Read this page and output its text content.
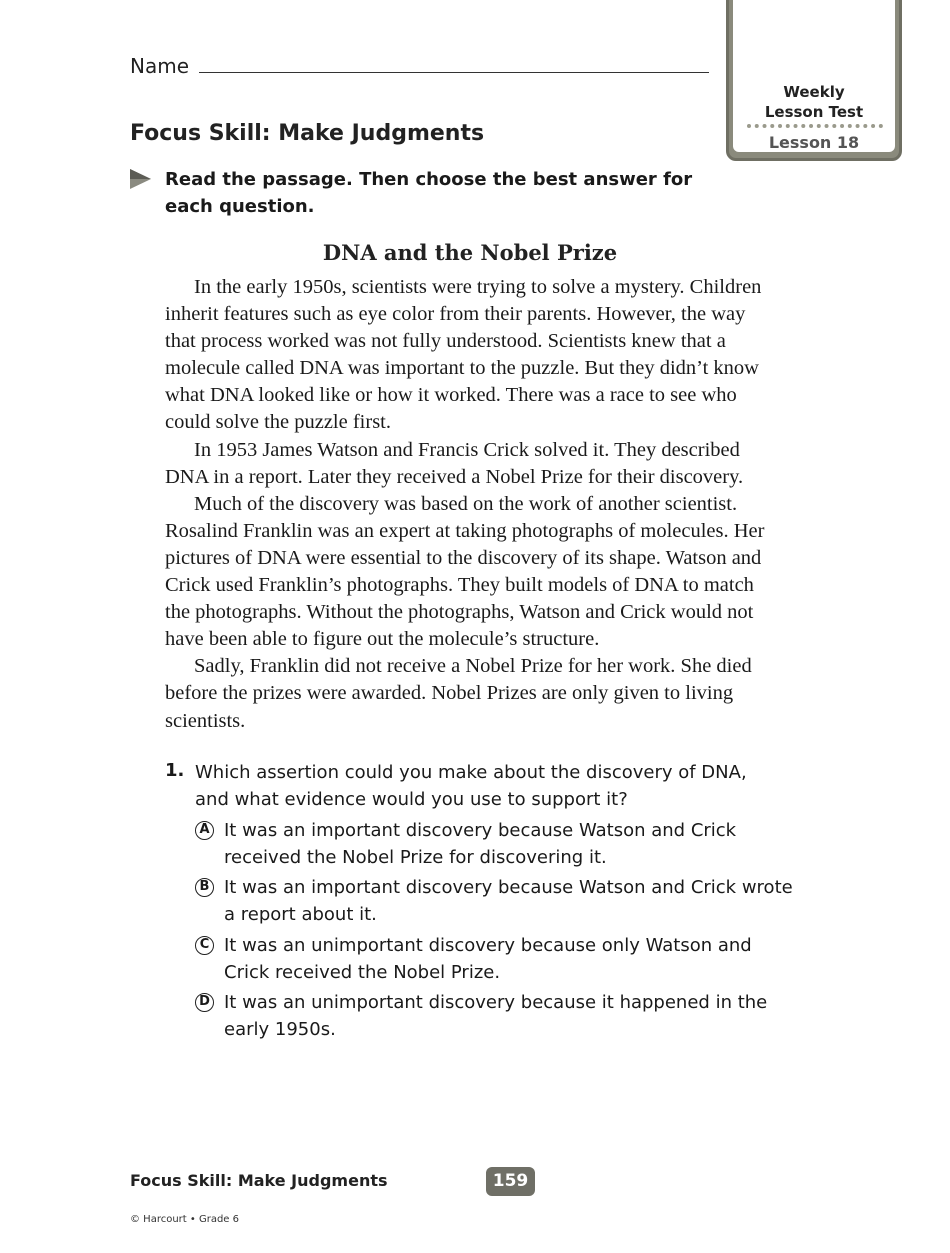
Name
Focus Skill: Make Judgments
Weekly
Lesson Test
Lesson 18
Read the passage. Then choose the best answer for each question.
DNA and the Nobel Prize

In the early 1950s, scientists were trying to solve a mystery. Children
inherit features such as eye color from their parents. However, the way
that process worked was not fully understood. Scientists knew that a
molecule called DNA was important to the puzzle. But they didn’t know
what DNA looked like or how it worked. There was a race to see who
could solve the puzzle first.

In 1953 James Watson and Francis Crick solved it. They described
DNA in a report. Later they received a Nobel Prize for their discovery.

Much of the discovery was based on the work of another scientist.
Rosalind Franklin was an expert at taking photographs of molecules. Her
pictures of DNA were essential to the discovery of its shape. Watson and
Crick used Franklin’s photographs. They built models of DNA to match
the photographs. Without the photographs, Watson and Crick would not
have been able to figure out the molecule’s structure.

Sadly, Franklin did not receive a Nobel Prize for her work. She died
before the prizes were awarded. Nobel Prizes are only given to living
scientists.

1. Which assertion could you make about the discovery of DNA, and what evidence would you use to support it?
A It was an important discovery because Watson and Crick received the Nobel Prize for discovering it.
B It was an important discovery because Watson and Crick wrote a report about it.
C It was an unimportant discovery because only Watson and Crick received the Nobel Prize.
D It was an unimportant discovery because it happened in the early 1950s.
Focus Skill: Make Judgments	159
© Harcourt • Grade 6
